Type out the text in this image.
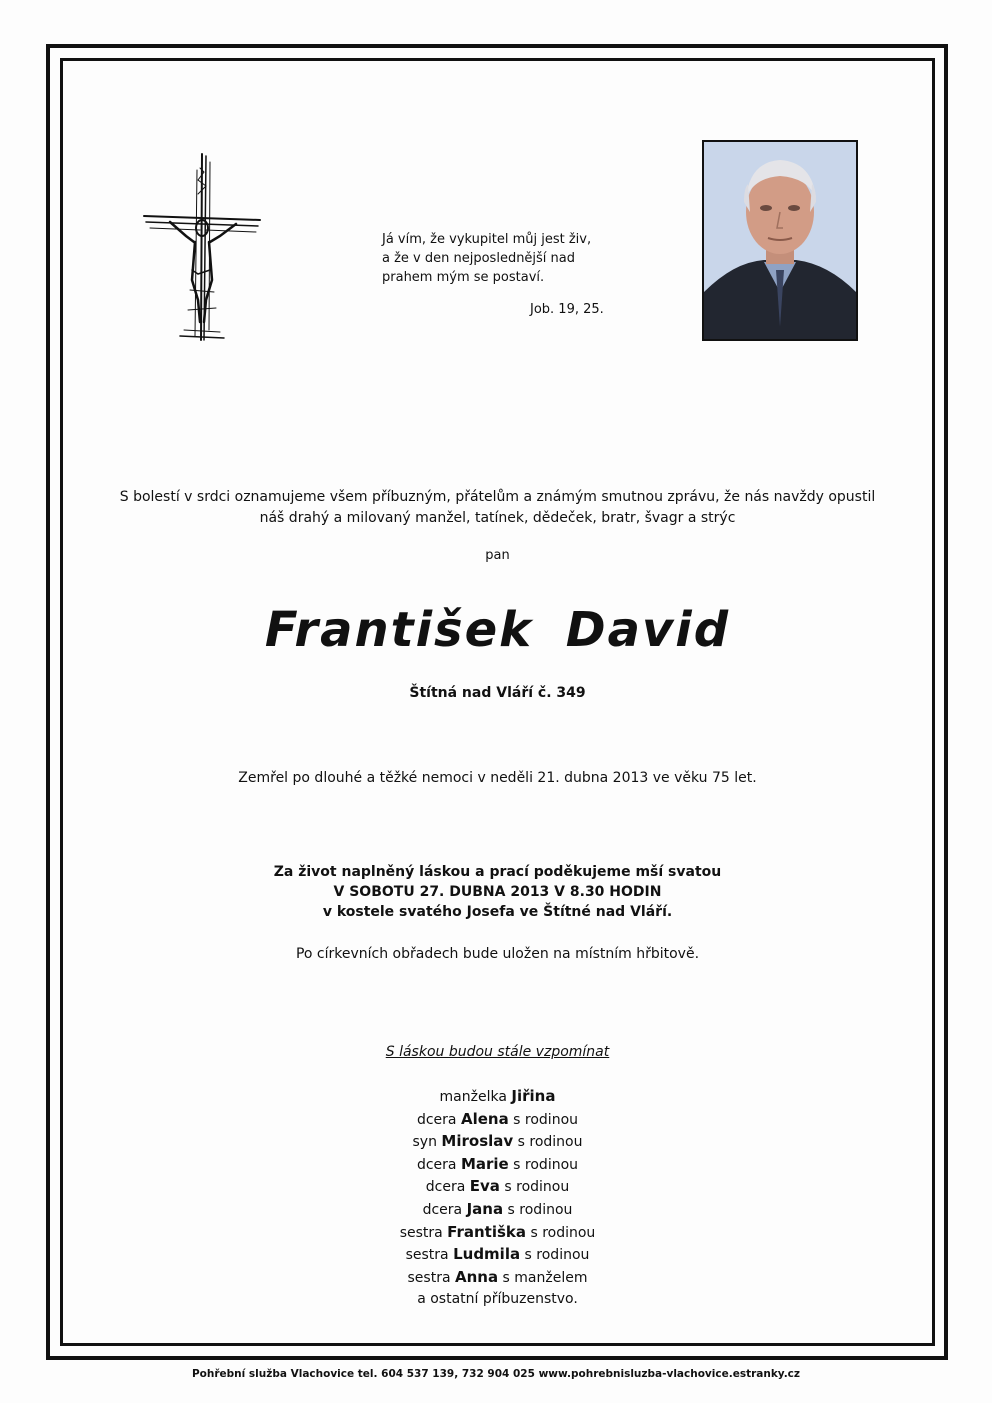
Já vím, že vykupitel můj jest živ,
a že v den nejposlednější nad
prahem mým se postaví.
Job. 19, 25.
S bolestí v srdci oznamujeme všem příbuzným, přátelům a známým smutnou zprávu, že nás navždy opustil
náš drahý a milovaný manžel, tatínek, dědeček, bratr, švagr a strýc
pan
František David
Štítná nad Vláří č. 349
Zemřel po dlouhé a těžké nemoci v neděli 21. dubna 2013 ve věku 75 let.
Za život naplněný láskou a prací poděkujeme mší svatou
V SOBOTU 27. DUBNA 2013 V 8.30 HODIN
v kostele svatého Josefa ve Štítné nad Vláří.
Po církevních obřadech bude uložen na místním hřbitově.
S láskou budou stále vzpomínat
manželka Jiřina
dcera Alena s rodinou
syn Miroslav s rodinou
dcera Marie s rodinou
dcera Eva s rodinou
dcera Jana s rodinou
sestra Františka s rodinou
sestra Ludmila s rodinou
sestra Anna s manželem
a ostatní příbuzenstvo.
Pohřební služba Vlachovice tel. 604 537 139, 732 904 025 www.pohrebnisluzba-vlachovice.estranky.cz
